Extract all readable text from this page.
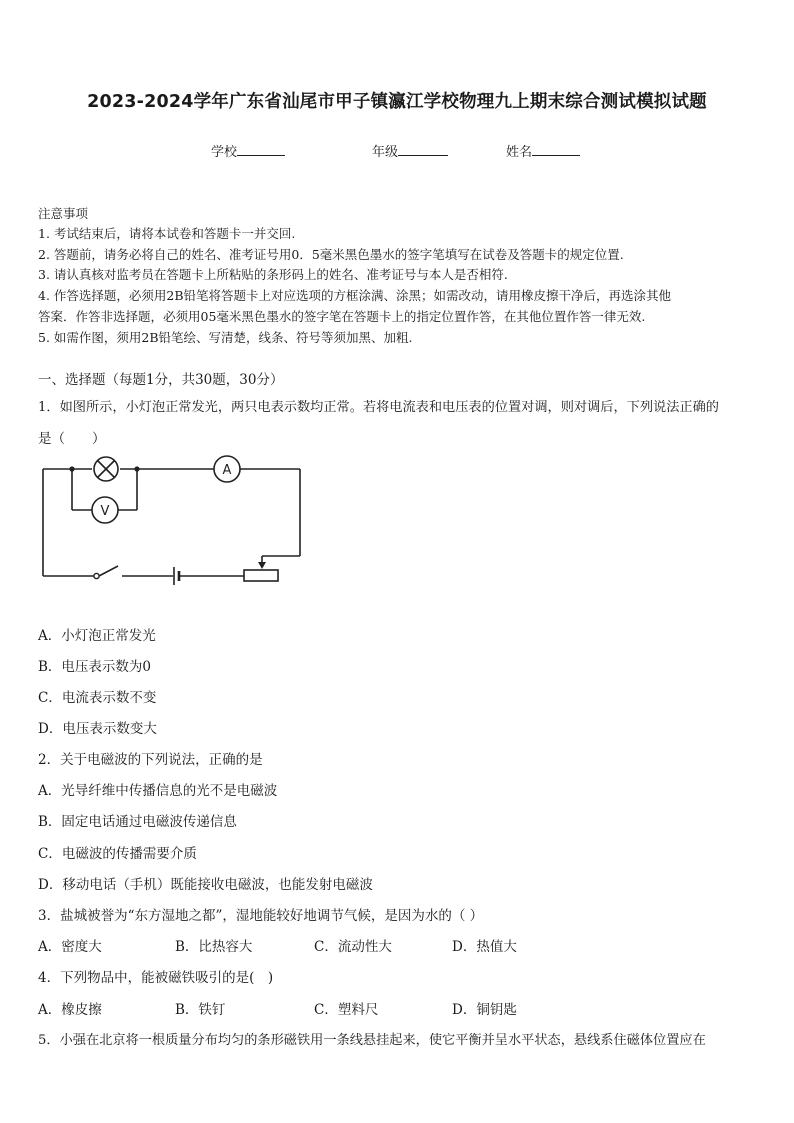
2023-2024学年广东省汕尾市甲子镇瀛江学校物理九上期末综合测试模拟试题
学校	年级	姓名
注意事项
1. 考试结束后，请将本试卷和答题卡一并交回.
2. 答题前，请务必将自己的姓名、准考证号用0．5毫米黑色墨水的签字笔填写在试卷及答题卡的规定位置.
3. 请认真核对监考员在答题卡上所粘贴的条形码上的姓名、准考证号与本人是否相符.
4. 作答选择题，必须用2B铅笔将答题卡上对应选项的方框涂满、涂黑；如需改动，请用橡皮擦干净后，再选涂其他
答案．作答非选择题，必须用05毫米黑色墨水的签字笔在答题卡上的指定位置作答，在其他位置作答一律无效.
5. 如需作图，须用2B铅笔绘、写清楚，线条、符号等须加黑、加粗.
一、选择题（每题1分，共30题，30分）
1．如图所示，小灯泡正常发光，两只电表示数均正常。若将电流表和电压表的位置对调，则对调后，下列说法正确的
是（　　）
A
V
A．小灯泡正常发光
B．电压表示数为0
C．电流表示数不变
D．电压表示数变大
2．关于电磁波的下列说法，正确的是
A．光导纤维中传播信息的光不是电磁波
B．固定电话通过电磁波传递信息
C．电磁波的传播需要介质
D．移动电话（手机）既能接收电磁波，也能发射电磁波
3．盐城被誉为“东方湿地之都”，湿地能较好地调节气候，是因为水的（ ）
A．密度大	B．比热容大	C．流动性大	D．热值大
4．下列物品中，能被磁铁吸引的是(　)
A．橡皮擦	B．铁钉	C．塑料尺	D．铜钥匙
5．小强在北京将一根质量分布均匀的条形磁铁用一条线悬挂起来，使它平衡并呈水平状态，悬线系住磁体位置应在
